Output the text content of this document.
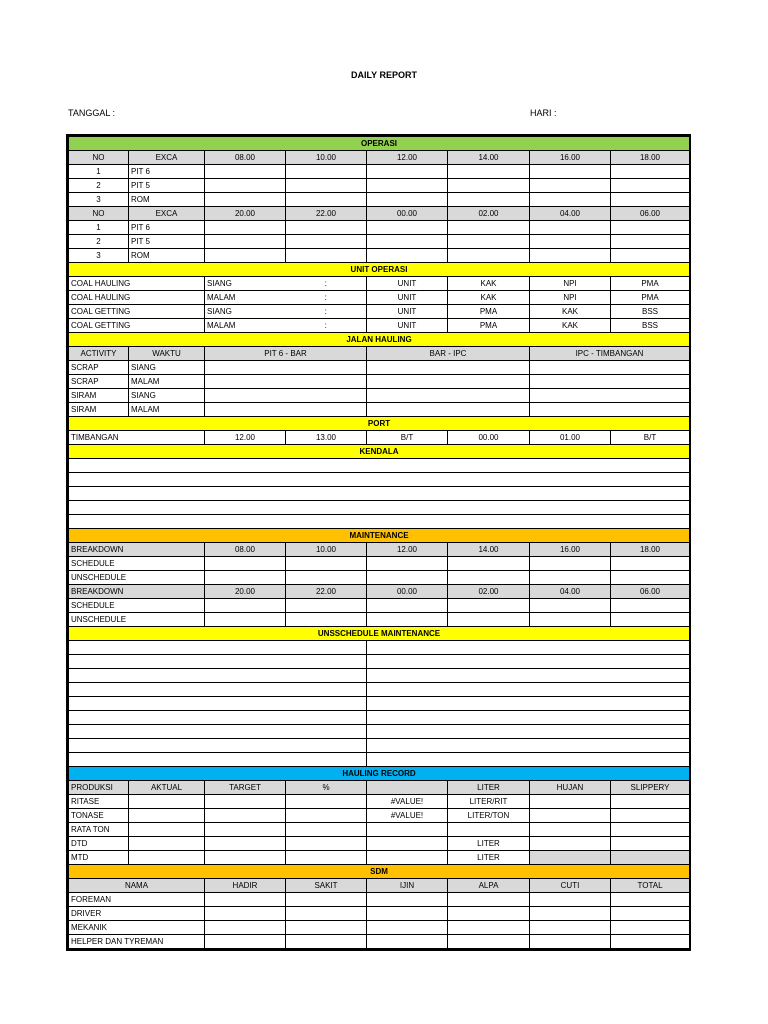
DAILY REPORT
TANGGAL :	HARI :
OPERASI							
NO	EXCA	08.00	10.00	12.00	14.00	16.00	18.00
1	PIT 6						
2	PIT 5						
3	ROM						
NO	EXCA	20.00	22.00	00.00	02.00	04.00	06.00
1	PIT 6						
2	PIT 5						
3	ROM						
UNIT OPERASI							
COAL HAULING		SIANG	:	UNIT	KAK	NPI	PMA
COAL HAULING		MALAM	:	UNIT	KAK	NPI	PMA
COAL GETTING		SIANG	:	UNIT	PMA	KAK	BSS
COAL GETTING		MALAM	:	UNIT	PMA	KAK	BSS
JALAN HAULING							
ACTIVITY	WAKTU	PIT 6 - BAR		BAR - IPC		IPC - TIMBANGAN	
SCRAP	SIANG						
SCRAP	MALAM						
SIRAM	SIANG						
SIRAM	MALAM						
PORT							
TIMBANGAN		12.00	13.00	B/T	00.00	01.00	B/T
KENDALA							

MAINTENANCE							
BREAKDOWN		08.00	10.00	12.00	14.00	16.00	18.00
SCHEDULE							
UNSCHEDULE							
BREAKDOWN		20.00	22.00	00.00	02.00	04.00	06.00
SCHEDULE							
UNSCHEDULE							
UNSSCHEDULE MAINTENANCE							

HAULING RECORD							
PRODUKSI	AKTUAL	TARGET	%		LITER	HUJAN	SLIPPERY
RITASE				#VALUE!	LITER/RIT		
TONASE				#VALUE!	LITER/TON		
RATA TON							
DTD					LITER		
MTD					LITER		
SDM							
NAMA		HADIR	SAKIT	IJIN	ALPA	CUTI	TOTAL
FOREMAN							
DRIVER							
MEKANIK							
HELPER DAN TYREMAN							
